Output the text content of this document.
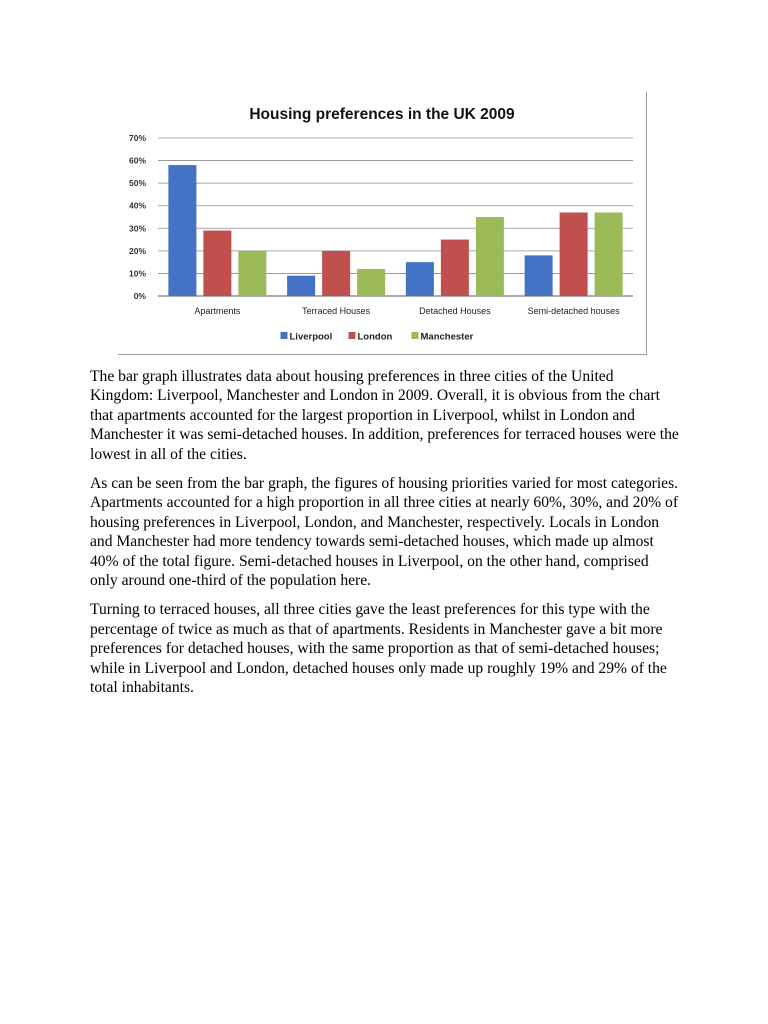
Housing preferences in the UK 2009
0%
10%
20%
30%
40%
50%
60%
70%
Apartments	Terraced Houses	Detached Houses	Semi-detached houses
Liverpool	London	Manchester

The bar graph illustrates data about housing preferences in three cities of the United Kingdom: Liverpool, Manchester and London in 2009. Overall, it is obvious from the chart that apartments accounted for the largest proportion in Liverpool, whilst in London and Manchester it was semi-detached houses. In addition, preferences for terraced houses were the lowest in all of the cities.

As can be seen from the bar graph, the figures of housing priorities varied for most categories. Apartments accounted for a high proportion in all three cities at nearly 60%, 30%, and 20% of housing preferences in Liverpool, London, and Manchester, respectively. Locals in London and Manchester had more tendency towards semi-detached houses, which made up almost 40% of the total figure. Semi-detached houses in Liverpool, on the other hand, comprised only around one-third of the population here.

Turning to terraced houses, all three cities gave the least preferences for this type with the percentage of twice as much as that of apartments. Residents in Manchester gave a bit more preferences for detached houses, with the same proportion as that of semi-detached houses; while in Liverpool and London, detached houses only made up roughly 19% and 29% of the total inhabitants.
